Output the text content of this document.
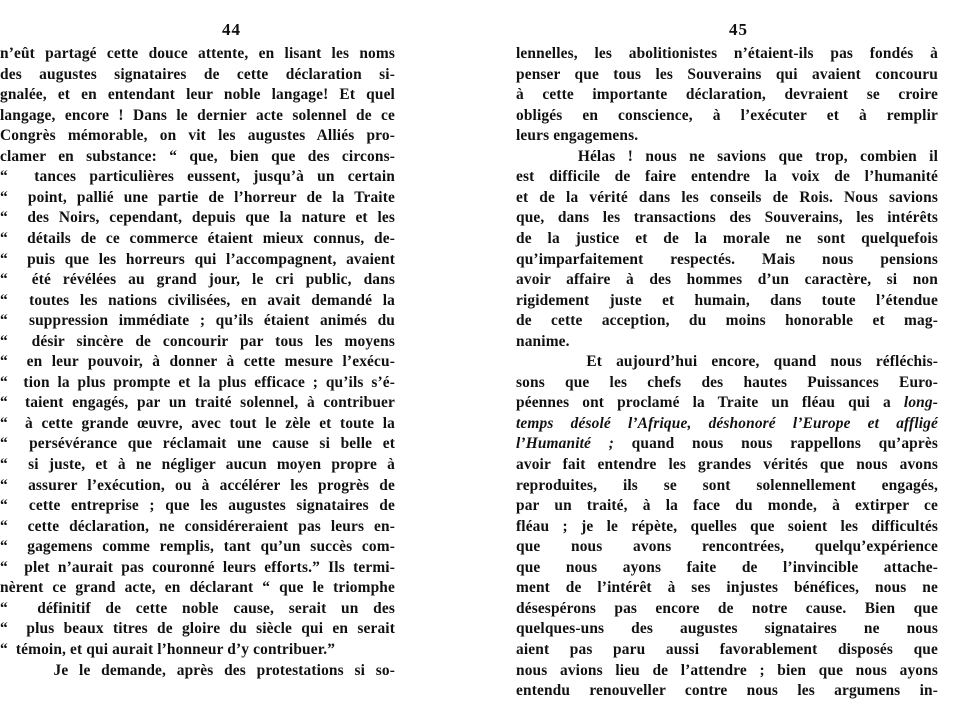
44
n’eût partagé cette douce attente, en lisant les noms
des augustes signataires de cette déclaration si-
gnalée, et en entendant leur noble langage! Et quel
langage, encore ! Dans le dernier acte solennel de ce
Congrès mémorable, on vit les augustes Alliés pro-
clamer en substance: “ que, bien que des circons-
“  tances particulières eussent, jusqu’à un certain
“  point, pallié une partie de l’horreur de la Traite
“  des Noirs, cependant, depuis que la nature et les
“  détails de ce commerce étaient mieux connus, de-
“  puis que les horreurs qui l’accompagnent, avaient
“  été révélées au grand jour, le cri public, dans
“  toutes les nations civilisées, en avait demandé la
“  suppression immédiate ; qu’ils étaient animés du
“  désir sincère de concourir par tous les moyens
“  en leur pouvoir, à donner à cette mesure l’exécu-
“  tion la plus prompte et la plus efficace ; qu’ils s’é-
“  taient engagés, par un traité solennel, à contribuer
“  à cette grande œuvre, avec tout le zèle et toute la
“  persévérance que réclamait une cause si belle et
“  si juste, et à ne négliger aucun moyen propre à
“  assurer l’exécution, ou à accélérer les progrès de
“  cette entreprise ; que les augustes signataires de
“  cette déclaration, ne considéreraient pas leurs en-
“  gagemens comme remplis, tant qu’un succès com-
“  plet n’aurait pas couronné leurs efforts.” Ils termi-
nèrent ce grand acte, en déclarant “ que le triomphe
“  définitif de cette noble cause, serait un des
“  plus beaux titres de gloire du siècle qui en serait
“  témoin, et qui aurait l’honneur d’y contribuer.”
Je le demande, après des protestations si so-
45
lennelles, les abolitionistes n’étaient-ils pas fondés à
penser que tous les Souverains qui avaient concouru
à cette importante déclaration, devraient se croire
obligés en conscience, à l’exécuter et à remplir
leurs engagemens.
Hélas ! nous ne savions que trop, combien il
est difficile de faire entendre la voix de l’humanité
et de la vérité dans les conseils de Rois. Nous savions
que, dans les transactions des Souverains, les intérêts
de la justice et de la morale ne sont quelquefois
qu’imparfaitement respectés. Mais nous pensions
avoir affaire à des hommes d’un caractère, si non
rigidement juste et humain, dans toute l’étendue
de cette acception, du moins honorable et mag-
nanime.
Et aujourd’hui encore, quand nous réfléchis-
sons que les chefs des hautes Puissances Euro-
péennes ont proclamé la Traite un fléau qui a long-
temps désolé l’Afrique, déshonoré l’Europe et affligé
l’Humanité ; quand nous nous rappellons qu’après
avoir fait entendre les grandes vérités que nous avons
reproduites, ils se sont solennellement engagés,
par un traité, à la face du monde, à extirper ce
fléau ; je le répète, quelles que soient les difficultés
que nous avons rencontrées, quelqu’expérience
que nous ayons faite de l’invincible attache-
ment de l’intérêt à ses injustes bénéfices, nous ne
désespérons pas encore de notre cause. Bien que
quelques-uns des augustes signataires ne nous
aient pas paru aussi favorablement disposés que
nous avions lieu de l’attendre ; bien que nous ayons
entendu renouveller contre nous les argumens in-
